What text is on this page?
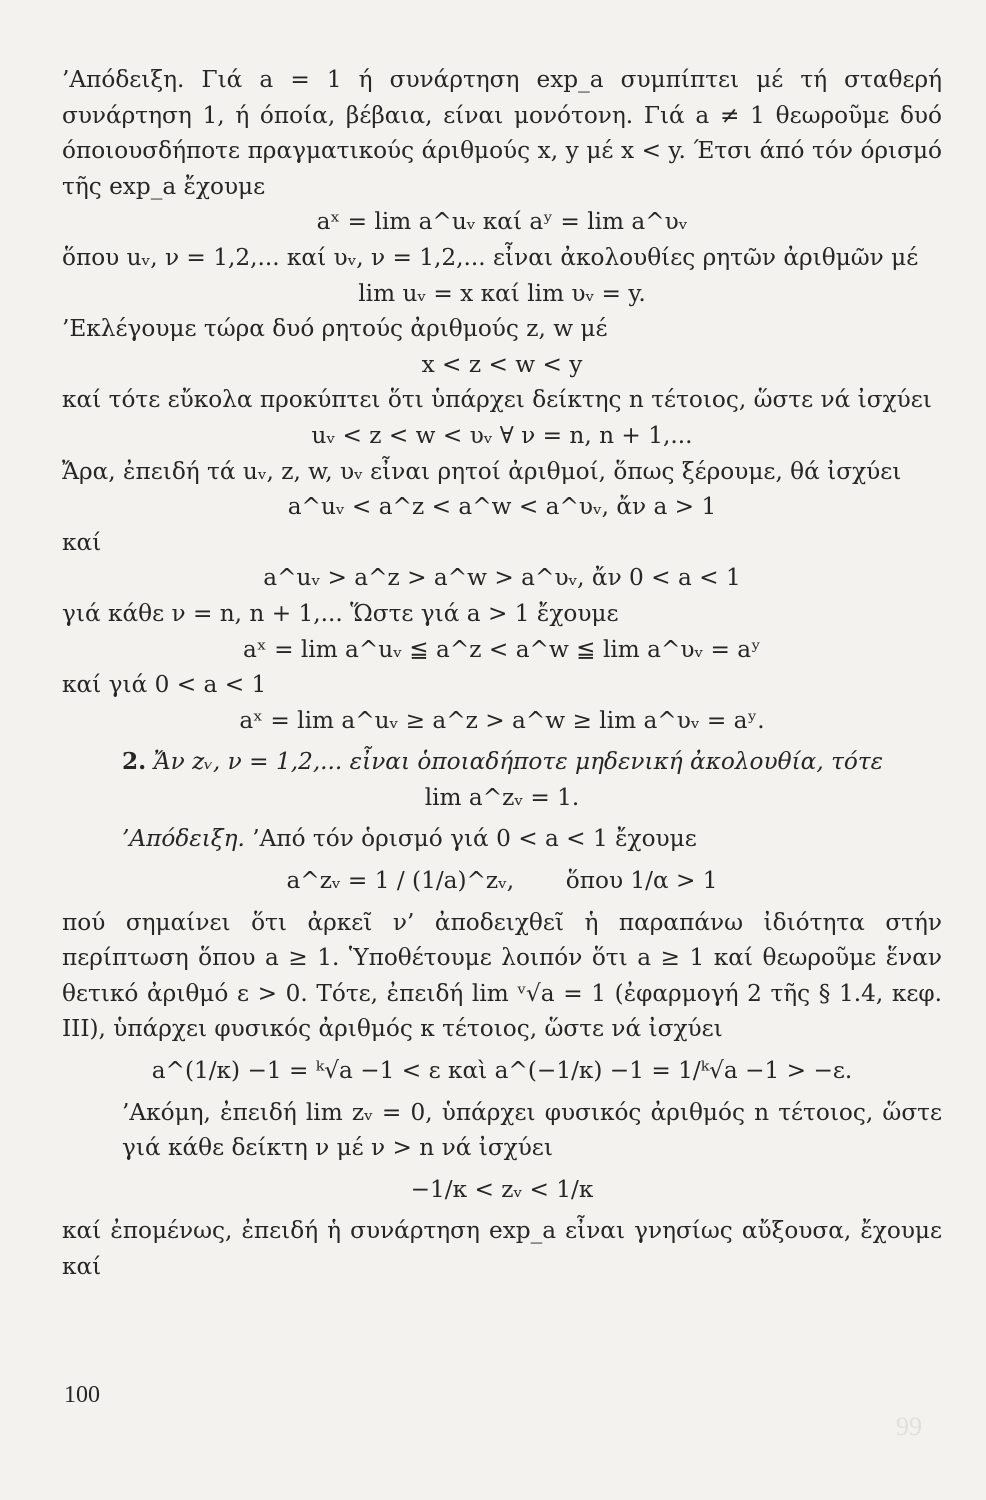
99

’Απόδειξη. Γιά a = 1 ή συνάρτηση exp_a συμπίπτει μέ τή σταθερή συνάρτηση 1, ή όποία, βέβαια, είναι μονότονη. Γιά a ≠ 1 θεωροῦμε δυό όποιουσδήποτε πραγματικούς άριθμούς x, y μέ x < y. Έτσι άπό τόν όρισμό τῆς exp_a ἔχουμε

aˣ = lim a^uᵥ καί aʸ = lim a^υᵥ

ὅπου uᵥ, ν = 1,2,... καί υᵥ, ν = 1,2,... εἶναι ἀκολουθίες ρητῶν ἀριθμῶν μέ

lim uᵥ = x καί lim υᵥ = y.

’Εκλέγουμε τώρα δυό ρητούς ἀριθμούς z, w μέ

x < z < w < y

καί τότε εὔκολα προκύπτει ὅτι ὑπάρχει δείκτης n τέτοιος, ὥστε νά ἰσχύει

uᵥ < z < w < υᵥ ∀ ν = n, n + 1,...

Ἄρα, ἐπειδή τά uᵥ, z, w, υᵥ εἶναι ρητοί ἀριθμοί, ὅπως ξέρουμε, θά ἰσχύει

a^uᵥ < a^z < a^w < a^υᵥ, ἄν a > 1

καί

a^uᵥ > a^z > a^w > a^υᵥ, ἄν 0 < a < 1

γιά κάθε ν = n, n + 1,... Ὥστε γιά a > 1 ἔχουμε

aˣ = lim a^uᵥ ≦ a^z < a^w ≦ lim a^υᵥ = aʸ

καί γιά 0 < a < 1

aˣ = lim a^uᵥ ≥ a^z > a^w ≥ lim a^υᵥ = aʸ.

2. Ἄν zᵥ, ν = 1,2,... εἶναι ὁποιαδήποτε μηδενική ἀκολουθία, τότε

lim a^zᵥ = 1.

’Απόδειξη. ’Από τόν ὁρισμό γιά 0 < a < 1 ἔχουμε

a^zᵥ = 1 / (1/a)^zᵥ, ὅπου 1/α > 1

πού σημαίνει ὅτι ἀρκεῖ ν’ ἀποδειχθεῖ ἡ παραπάνω ἰδιότητα στήν περίπτωση ὅπου a ≥ 1. Ὑποθέτουμε λοιπόν ὅτι a ≥ 1 καί θεωροῦμε ἕναν θετικό ἀριθμό ε > 0. Τότε, ἐπειδή lim ᵛ√a = 1 (ἐφαρμογή 2 τῆς § 1.4, κεφ. III), ὑπάρχει φυσικός ἀριθμός κ τέτοιος, ὥστε νά ἰσχύει

a^(1/κ) −1 = ᵏ√a −1 < ε καὶ a^(−1/κ) −1 = 1/ᵏ√a −1 > −ε.

’Ακόμη, ἐπειδή lim zᵥ = 0, ὑπάρχει φυσικός ἀριθμός n τέτοιος, ὥστε γιά κάθε δείκτη ν μέ ν > n νά ἰσχύει

−1/κ < zᵥ < 1/κ

καί ἐπομένως, ἐπειδή ἡ συνάρτηση exp_a εἶναι γνησίως αὔξουσα, ἔχουμε καί

100
